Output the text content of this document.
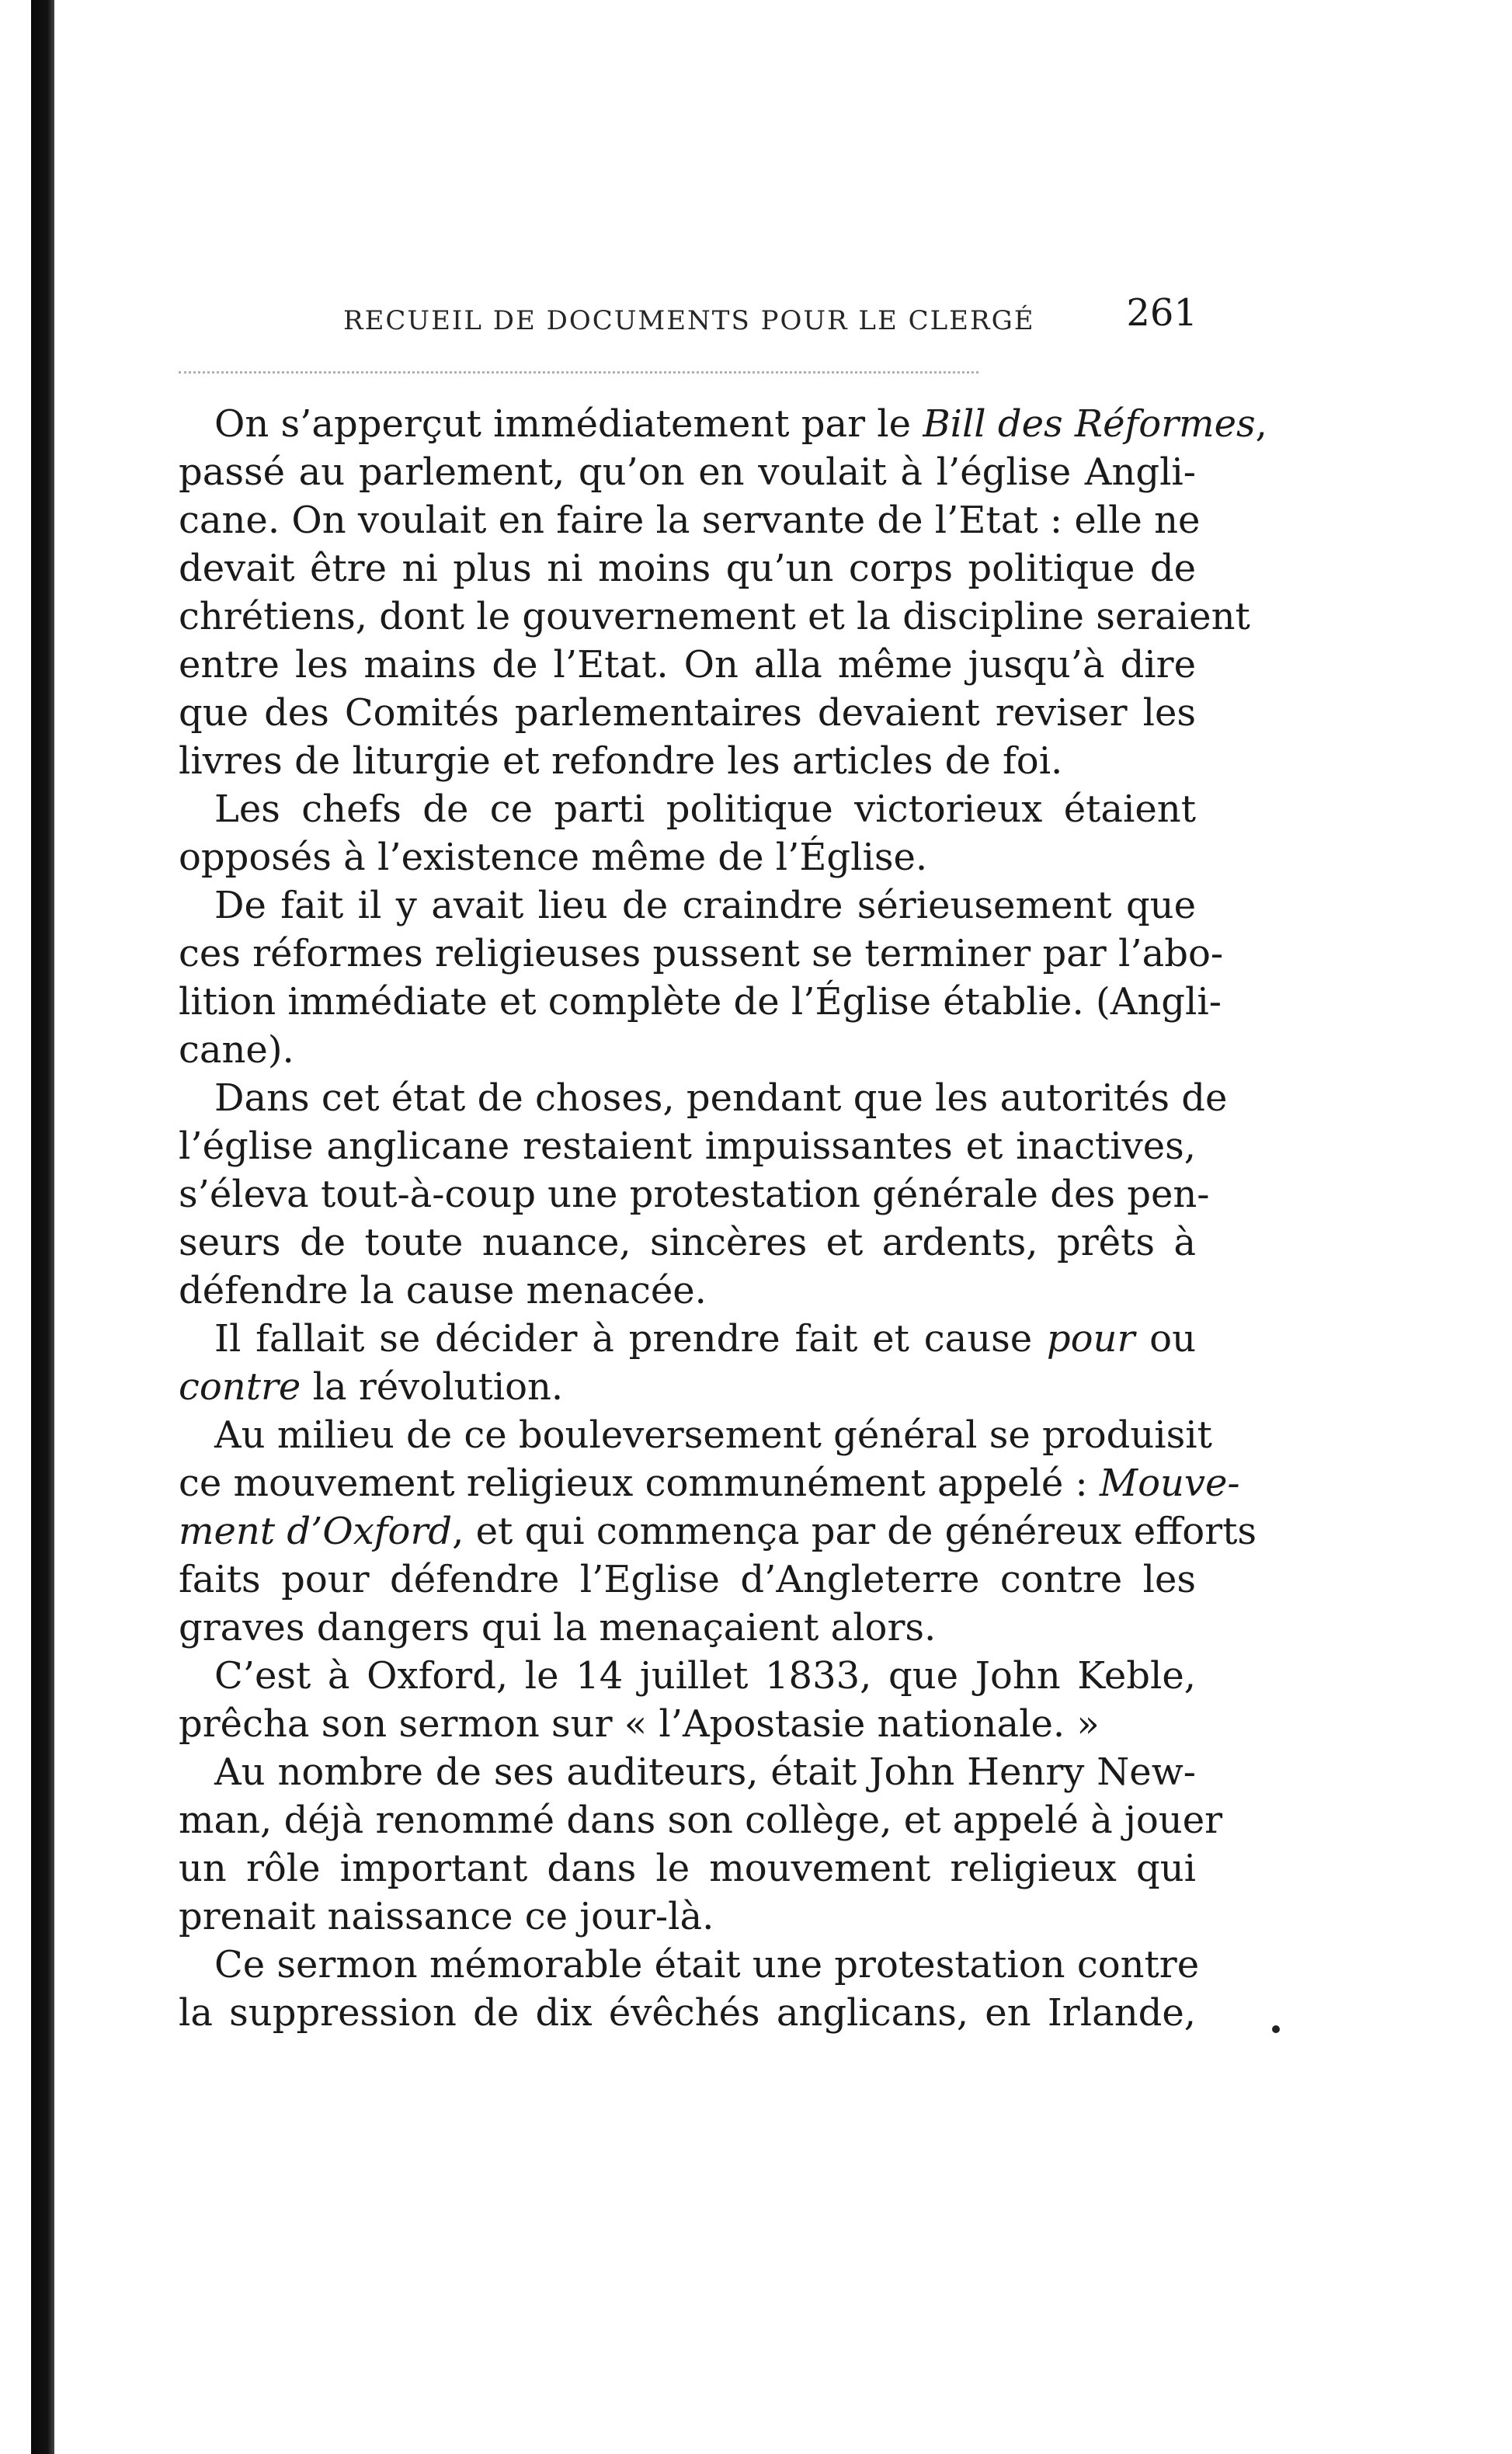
RECUEIL DE DOCUMENTS POUR LE CLERGÉ 261
On s’apperçut immédiatement par le Bill des Réformes,
passé au parlement, qu’on en voulait à l’église Angli-
cane. On voulait en faire la servante de l’Etat : elle ne
devait être ni plus ni moins qu’un corps politique de
chrétiens, dont le gouvernement et la discipline seraient
entre les mains de l’Etat. On alla même jusqu’à dire
que des Comités parlementaires devaient reviser les
livres de liturgie et refondre les articles de foi.
Les chefs de ce parti politique victorieux étaient
opposés à l’existence même de l’Église.
De fait il y avait lieu de craindre sérieusement que
ces réformes religieuses pussent se terminer par l’abo-
lition immédiate et complète de l’Église établie. (Angli-
cane).
Dans cet état de choses, pendant que les autorités de
l’église anglicane restaient impuissantes et inactives,
s’éleva tout-à-coup une protestation générale des pen-
seurs de toute nuance, sincères et ardents, prêts à
défendre la cause menacée.
Il fallait se décider à prendre fait et cause pour ou
contre la révolution.
Au milieu de ce bouleversement général se produisit
ce mouvement religieux communément appelé : Mouve-
ment d’Oxford, et qui commença par de généreux efforts
faits pour défendre l’Eglise d’Angleterre contre les
graves dangers qui la menaçaient alors.
C’est à Oxford, le 14 juillet 1833, que John Keble,
prêcha son sermon sur « l’Apostasie nationale. »
Au nombre de ses auditeurs, était John Henry New-
man, déjà renommé dans son collège, et appelé à jouer
un rôle important dans le mouvement religieux qui
prenait naissance ce jour-là.
Ce sermon mémorable était une protestation contre
la suppression de dix évêchés anglicans, en Irlande,
